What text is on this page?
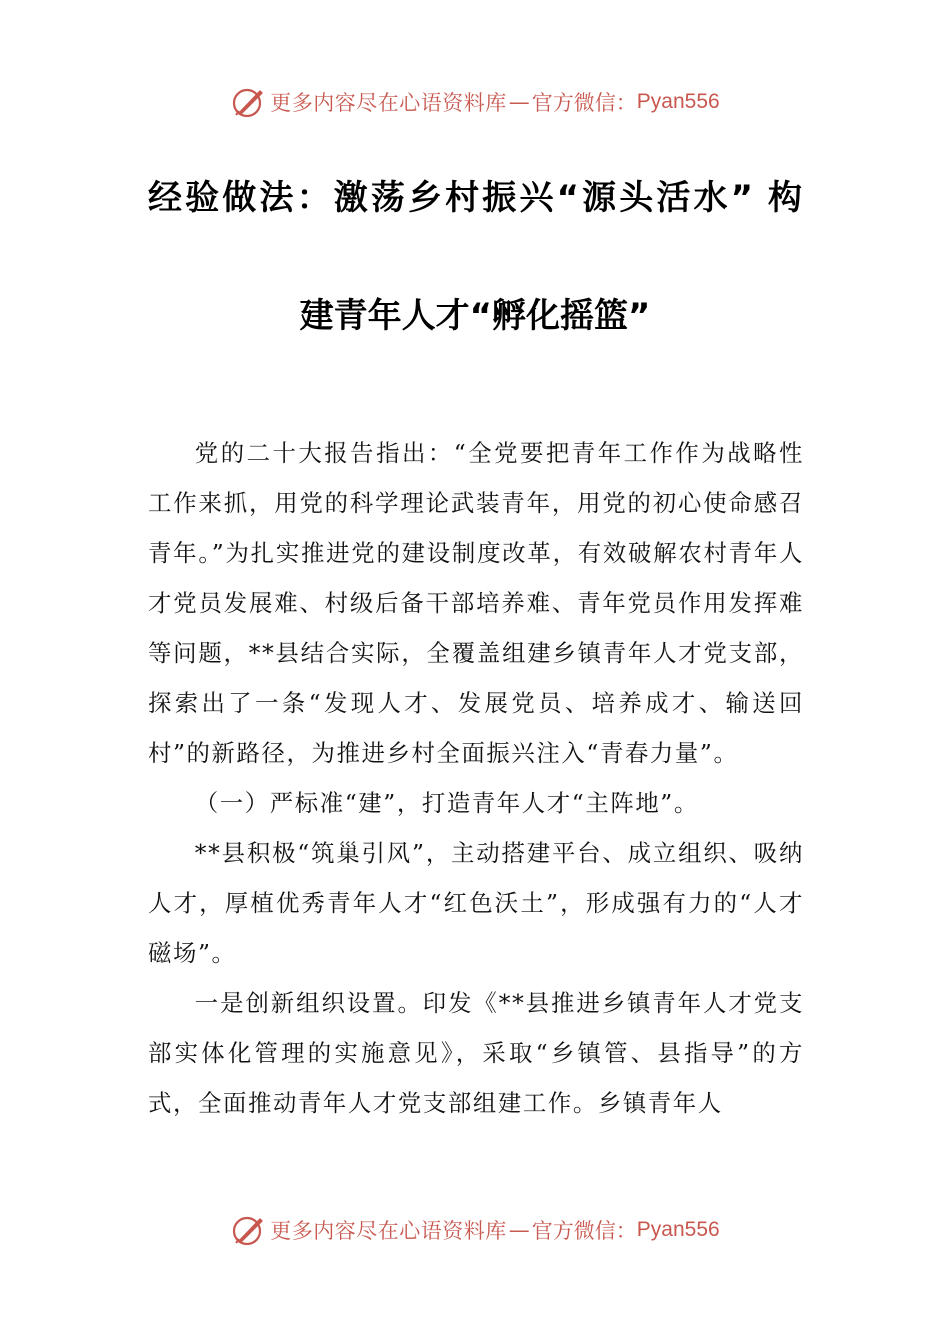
更多内容尽在心语资料库 — 官方微信： Pyan556
经验做法：激荡乡村振兴“源头活水” 构
建青年人才“孵化摇篮”

党的二十大报告指出：“全党要把青年工作作为战略性工作来抓，用党的科学理论武装青年，用党的初心使命感召青年。”为扎实推进党的建设制度改革，有效破解农村青年人才党员发展难、村级后备干部培养难、青年党员作用发挥难等问题，**县结合实际，全覆盖组建乡镇青年人才党支部，探索出了一条“发现人才、发展党员、培养成才、输送回村”的新路径，为推进乡村全面振兴注入“青春力量”。

（一）严标准“建”，打造青年人才“主阵地”。

**县积极“筑巢引风”，主动搭建平台、成立组织、吸纳人才，厚植优秀青年人才“红色沃土”，形成强有力的“人才磁场”。

一是创新组织设置。印发《**县推进乡镇青年人才党支部实体化管理的实施意见》，采取“乡镇管、县指导”的方式，全面推动青年人才党支部组建工作。乡镇青年人

更多内容尽在心语资料库 — 官方微信： Pyan556
